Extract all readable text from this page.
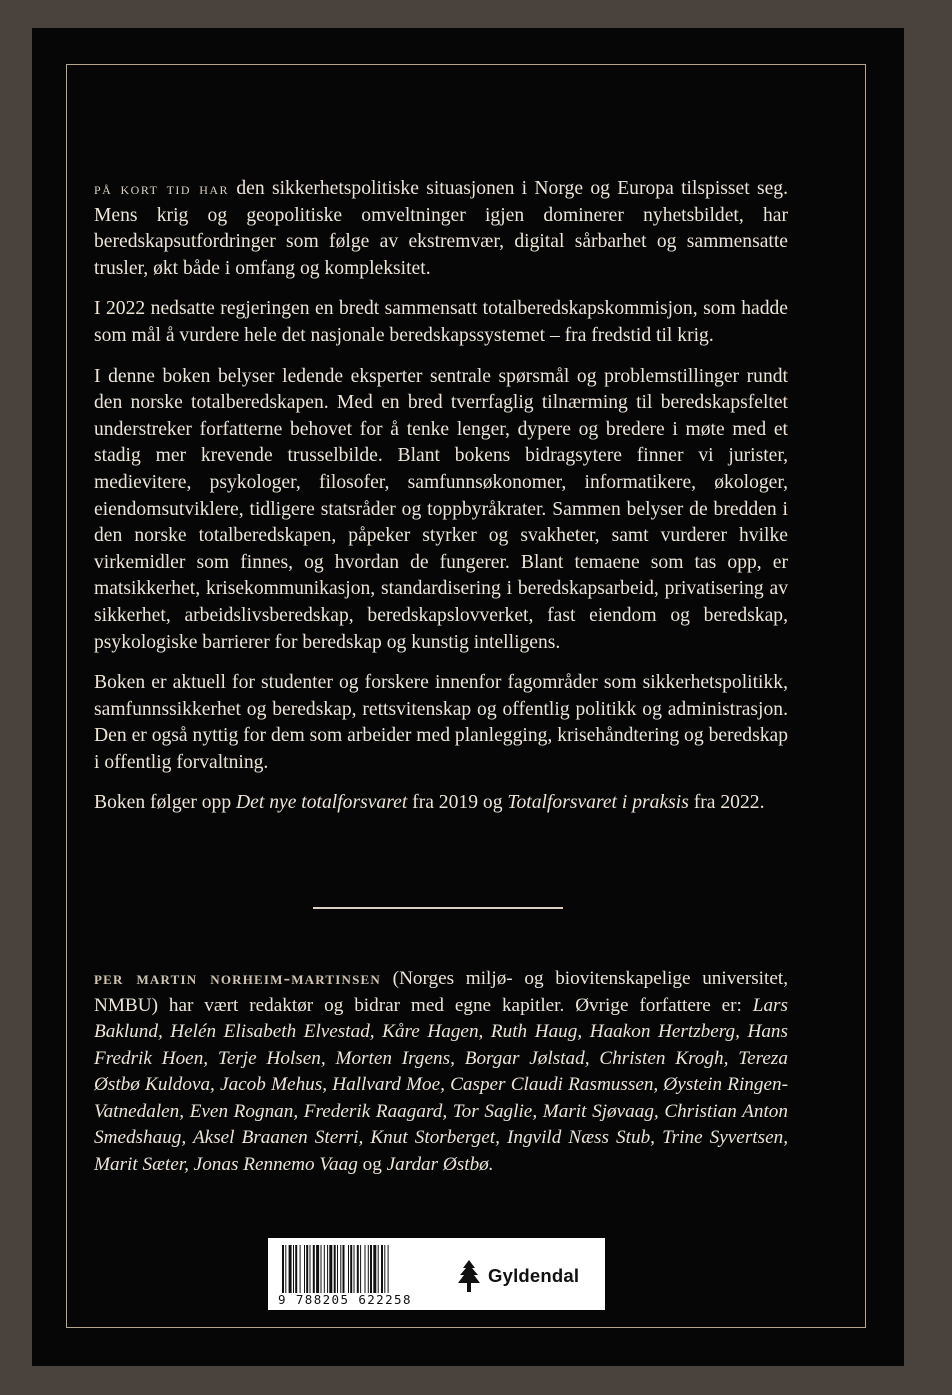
på kort tid har den sikkerhetspolitiske situasjonen i Norge og Europa tilspisset seg. Mens krig og geopolitiske omveltninger igjen dominerer nyhetsbildet, har beredskapsutfordringer som følge av ekstremvær, digital sårbarhet og sammensatte trusler, økt både i omfang og kompleksitet.

I 2022 nedsatte regjeringen en bredt sammensatt totalberedskapskommisjon, som hadde som mål å vurdere hele det nasjonale beredskapssystemet – fra fredstid til krig.

I denne boken belyser ledende eksperter sentrale spørsmål og problemstillinger rundt den norske totalberedskapen. Med en bred tverrfaglig tilnærming til beredskapsfeltet understreker forfatterne behovet for å tenke lenger, dypere og bredere i møte med et stadig mer krevende trusselbilde. Blant bokens bidragsytere finner vi jurister, medievitere, psykologer, filosofer, samfunnsøkonomer, informatikere, økologer, eiendomsutviklere, tidligere statsråder og toppbyråkrater. Sammen belyser de bredden i den norske totalberedskapen, påpeker styrker og svakheter, samt vurderer hvilke virkemidler som finnes, og hvordan de fungerer. Blant temaene som tas opp, er matsikkerhet, krisekommunikasjon, standardisering i beredskapsarbeid, privatisering av sikkerhet, arbeidslivsberedskap, beredskapslovverket, fast eiendom og beredskap, psykologiske barrierer for beredskap og kunstig intelligens.

Boken er aktuell for studenter og forskere innenfor fagområder som sikkerhetspolitikk, samfunnssikkerhet og beredskap, rettsvitenskap og offentlig politikk og administrasjon. Den er også nyttig for dem som arbeider med planlegging, krisehåndtering og beredskap i offentlig forvaltning.

Boken følger opp Det nye totalforsvaret fra 2019 og Totalforsvaret i praksis fra 2022.

per martin norheim-martinsen (Norges miljø- og biovitenskapelige universitet, NMBU) har vært redaktør og bidrar med egne kapitler. Øvrige forfattere er: Lars Baklund, Helén Elisabeth Elvestad, Kåre Hagen, Ruth Haug, Haakon Hertzberg, Hans Fredrik Hoen, Terje Holsen, Morten Irgens, Borgar Jølstad, Christen Krogh, Tereza Østbø Kuldova, Jacob Mehus, Hallvard Moe, Casper Claudi Rasmussen, Øystein Ringen-Vatnedalen, Even Rognan, Frederik Raagard, Tor Saglie, Marit Sjøvaag, Christian Anton Smedshaug, Aksel Braanen Sterri, Knut Storberget, Ingvild Næss Stub, Trine Syvertsen, Marit Sæter, Jonas Rennemo Vaag og Jardar Østbø.
9 788205 622258
Gyldendal
